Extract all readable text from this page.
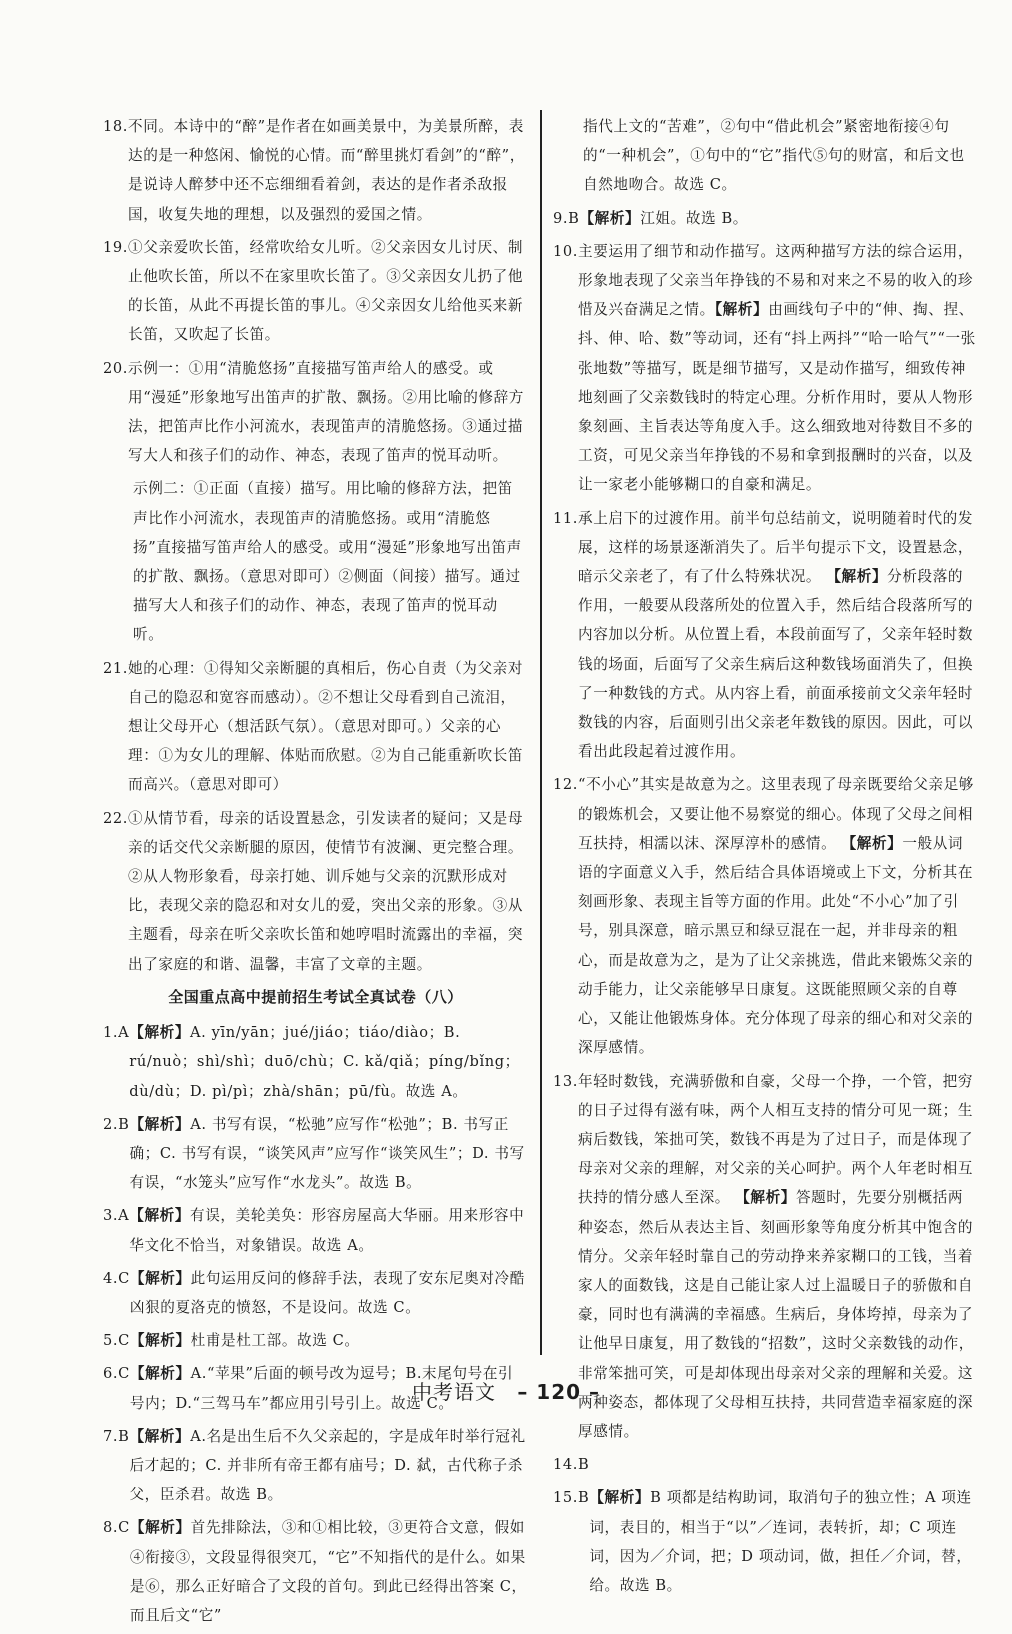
18. 不同。本诗中的“醉”是作者在如画美景中，为美景所醉，表达的是一种悠闲、愉悦的心情。而“醉里挑灯看剑”的“醉”，是说诗人醉梦中还不忘细细看着剑，表达的是作者杀敌报国，收复失地的理想，以及强烈的爱国之情。
19. ①父亲爱吹长笛，经常吹给女儿听。②父亲因女儿讨厌、制止他吹长笛，所以不在家里吹长笛了。③父亲因女儿扔了他的长笛，从此不再提长笛的事儿。④父亲因女儿给他买来新长笛，又吹起了长笛。
20. 示例一：①用“清脆悠扬”直接描写笛声给人的感受。或用“漫延”形象地写出笛声的扩散、飘扬。②用比喻的修辞方法，把笛声比作小河流水，表现笛声的清脆悠扬。③通过描写大人和孩子们的动作、神态，表现了笛声的悦耳动听。
示例二：①正面（直接）描写。用比喻的修辞方法，把笛声比作小河流水，表现笛声的清脆悠扬。或用“清脆悠扬”直接描写笛声给人的感受。或用“漫延”形象地写出笛声的扩散、飘扬。（意思对即可）②侧面（间接）描写。通过描写大人和孩子们的动作、神态，表现了笛声的悦耳动听。
21. 她的心理：①得知父亲断腿的真相后，伤心自责（为父亲对自己的隐忍和宽容而感动）。②不想让父母看到自己流泪，想让父母开心（想活跃气氛）。（意思对即可。）父亲的心理：①为女儿的理解、体贴而欣慰。②为自己能重新吹长笛而高兴。（意思对即可）
22. ①从情节看，母亲的话设置悬念，引发读者的疑问；又是母亲的话交代父亲断腿的原因，使情节有波澜、更完整合理。②从人物形象看，母亲打她、训斥她与父亲的沉默形成对比，表现父亲的隐忍和对女儿的爱，突出父亲的形象。③从主题看，母亲在听父亲吹长笛和她哼唱时流露出的幸福，突出了家庭的和谐、温馨，丰富了文章的主题。
全国重点高中提前招生考试全真试卷（八）
1.A 【解析】A. yīn/yān；jué/jiáo；tiáo/diào；B. rú/nuò；shì/shì；duō/chù；C. kǎ/qiǎ；píng/bǐng；dù/dù；D. pì/pì；zhà/shān；pū/fù。故选 A。
2.B 【解析】A. 书写有误，“松驰”应写作“松弛”；B. 书写正确；C. 书写有误，“谈笑风声”应写作“谈笑风生”；D. 书写有误，“水笼头”应写作“水龙头”。故选 B。
3.A 【解析】有误，美轮美奂：形容房屋高大华丽。用来形容中华文化不恰当，对象错误。故选 A。
4.C 【解析】此句运用反问的修辞手法，表现了安东尼奥对冷酷凶狠的夏洛克的愤怒，不是设问。故选 C。
5.C 【解析】杜甫是杜工部。故选 C。
6.C 【解析】A.“苹果”后面的顿号改为逗号；B.末尾句号在引号内；D.“三驾马车”都应用引号引上。故选 C。
7.B 【解析】A.名是出生后不久父亲起的，字是成年时举行冠礼后才起的；C. 并非所有帝王都有庙号；D. 弑，古代称子杀父，臣杀君。故选 B。
8.C 【解析】首先排除法，③和①相比较，③更符合文意，假如④衔接③，文段显得很突兀，“它”不知指代的是什么。如果是⑥，那么正好暗合了文段的首句。到此已经得出答案 C，而且后文“它”
指代上文的“苦难”，②句中“借此机会”紧密地衔接④句的“一种机会”，①句中的“它”指代⑤句的财富，和后文也自然地吻合。故选 C。
9.B 【解析】江姐。故选 B。
10. 主要运用了细节和动作描写。这两种描写方法的综合运用，形象地表现了父亲当年挣钱的不易和对来之不易的收入的珍惜及兴奋满足之情。【解析】由画线句子中的“伸、掏、捏、抖、伸、哈、数”等动词，还有“抖上两抖”“哈一哈气”“一张张地数”等描写，既是细节描写，又是动作描写，细致传神地刻画了父亲数钱时的特定心理。分析作用时，要从人物形象刻画、主旨表达等角度入手。这么细致地对待数目不多的工资，可见父亲当年挣钱的不易和拿到报酬时的兴奋，以及让一家老小能够糊口的自豪和满足。
11. 承上启下的过渡作用。前半句总结前文，说明随着时代的发展，这样的场景逐渐消失了。后半句提示下文，设置悬念，暗示父亲老了，有了什么特殊状况。 【解析】分析段落的作用，一般要从段落所处的位置入手，然后结合段落所写的内容加以分析。从位置上看，本段前面写了，父亲年轻时数钱的场面，后面写了父亲生病后这种数钱场面消失了，但换了一种数钱的方式。从内容上看，前面承接前文父亲年轻时数钱的内容，后面则引出父亲老年数钱的原因。因此，可以看出此段起着过渡作用。
12. “不小心”其实是故意为之。这里表现了母亲既要给父亲足够的锻炼机会，又要让他不易察觉的细心。体现了父母之间相互扶持，相濡以沫、深厚淳朴的感情。 【解析】一般从词语的字面意义入手，然后结合具体语境或上下文，分析其在刻画形象、表现主旨等方面的作用。此处“不小心”加了引号，别具深意，暗示黑豆和绿豆混在一起，并非母亲的粗心，而是故意为之，是为了让父亲挑选，借此来锻炼父亲的动手能力，让父亲能够早日康复。这既能照顾父亲的自尊心，又能让他锻炼身体。充分体现了母亲的细心和对父亲的深厚感情。
13. 年轻时数钱，充满骄傲和自豪，父母一个挣，一个管，把穷的日子过得有滋有味，两个人相互支持的情分可见一斑；生病后数钱，笨拙可笑，数钱不再是为了过日子，而是体现了母亲对父亲的理解，对父亲的关心呵护。两个人年老时相互扶持的情分感人至深。 【解析】答题时，先要分别概括两种姿态，然后从表达主旨、刻画形象等角度分析其中饱含的情分。父亲年轻时靠自己的劳动挣来养家糊口的工钱，当着家人的面数钱，这是自己能让家人过上温暖日子的骄傲和自豪，同时也有满满的幸福感。生病后，身体垮掉，母亲为了让他早日康复，用了数钱的“招数”，这时父亲数钱的动作，非常笨拙可笑，可是却体现出母亲对父亲的理解和关爱。这两种姿态，都体现了父母相互扶持，共同营造幸福家庭的深厚感情。
14.B
15.B 【解析】B 项都是结构助词，取消句子的独立性；A 项连词，表目的，相当于“以”／连词，表转折，却；C 项连词，因为／介词，把；D 项动词，做，担任／介词，替，给。故选 B。
中考语文 – 120 –
